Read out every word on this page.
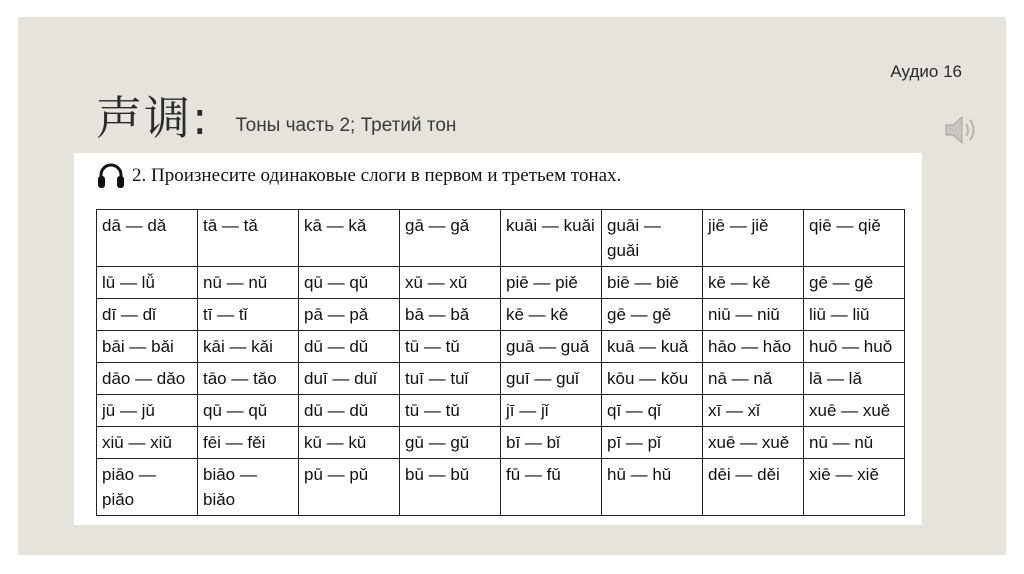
声调: Тоны часть 2; Третий тон
Аудио 16
2. Произнесите одинаковые слоги в первом и третьем тонах.
dā — dǎ	tā — tǎ	kā — kǎ	gā — gǎ	kuāi — kuǎi	guāi — guǎi	jiē — jiě	qiē — qiě
lū — lǚ	nū — nǔ	qū — qǔ	xū — xǔ	piē — piě	biē — biě	kē — kě	gē — gě
dī — dǐ	tī — tǐ	pā — pǎ	bā — bǎ	kē — kě	gē — gě	niū — niǔ	liū — liǔ
bāi — bǎi	kāi — kǎi	dū — dǔ	tū — tǔ	guā — guǎ	kuā — kuǎ	hāo — hǎo	huō — huǒ
dāo — dǎo	tāo — tǎo	duī — duǐ	tuī — tuǐ	guī — guǐ	kōu — kǒu	nā — nǎ	lā — lǎ
jū — jǔ	qū — qǔ	dū — dǔ	tū — tǔ	jī — jǐ	qī — qǐ	xī — xǐ	xuē — xuě
xiū — xiǔ	fēi — fěi	kū — kǔ	gū — gǔ	bī — bǐ	pī — pǐ	xuē — xuě	nū — nǔ
piāo — piǎo	biāo — biǎo	pū — pǔ	bū — bǔ	fū — fǔ	hū — hǔ	dēi — děi	xiē — xiě
